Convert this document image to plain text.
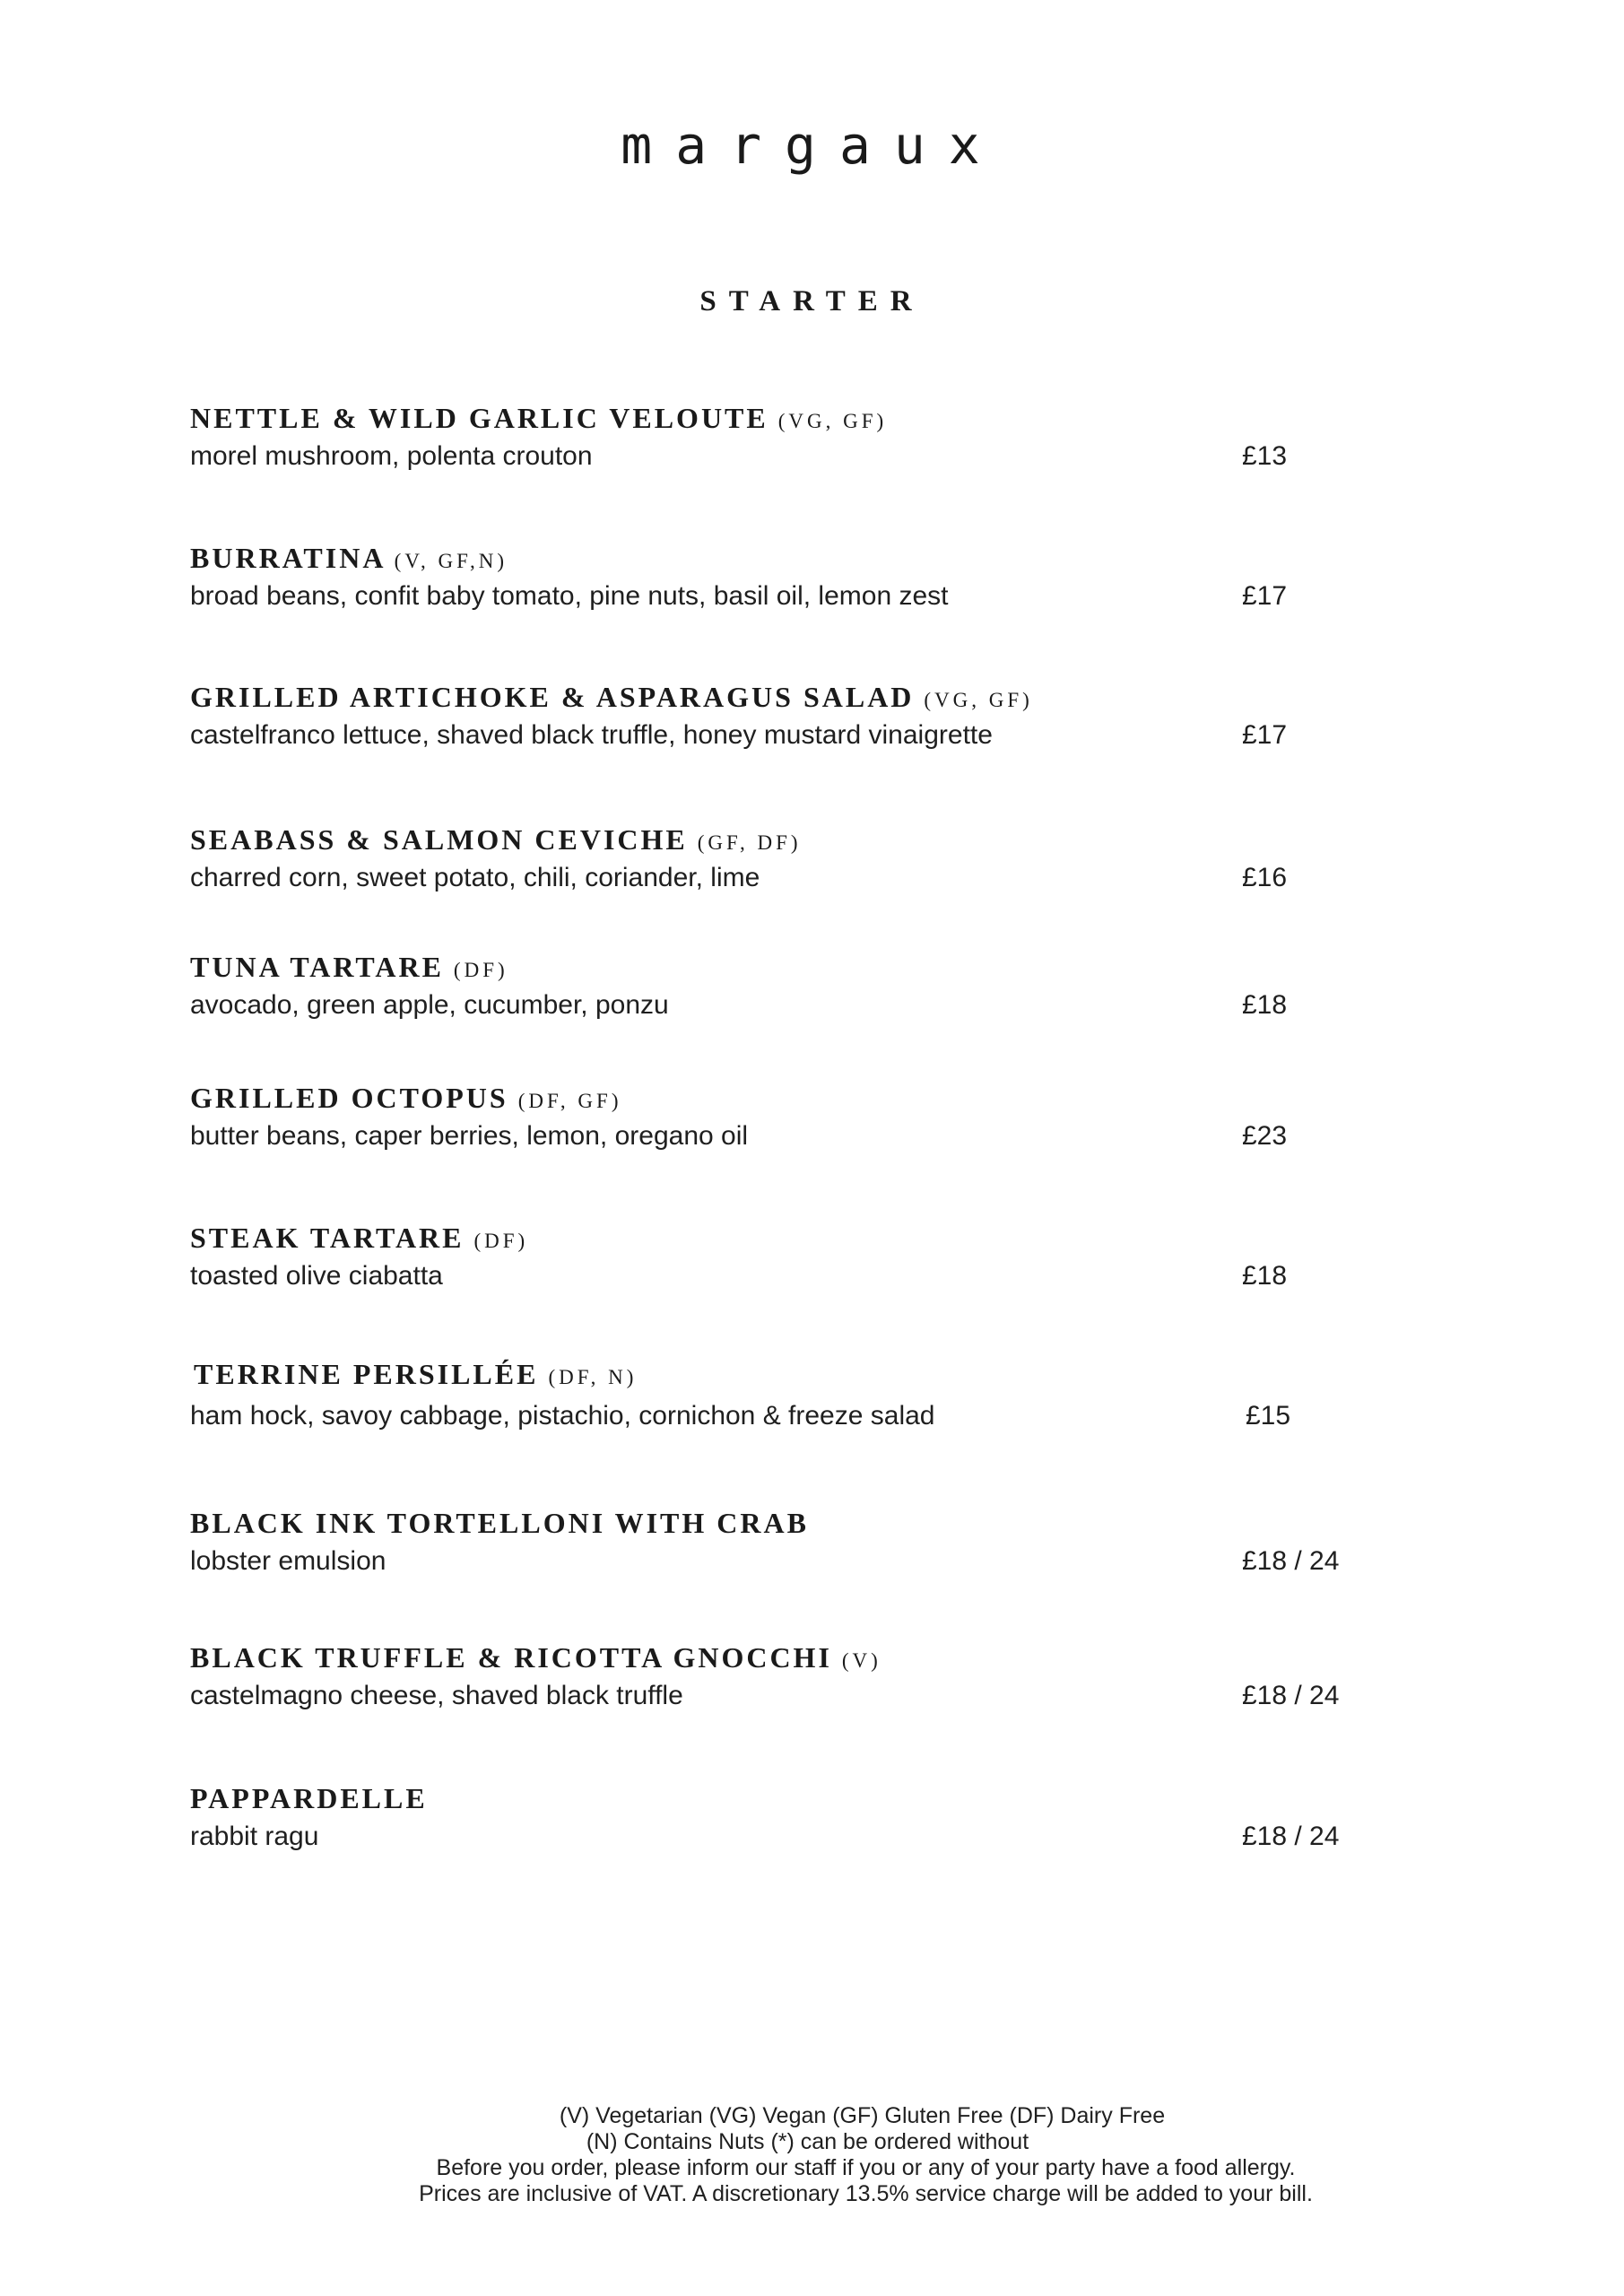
margaux
STARTER
NETTLE & WILD GARLIC VELOUTE (VG, GF)
morel mushroom, polenta crouton	£13
BURRATINA (V, GF,N)
broad beans, confit baby tomato, pine nuts, basil oil, lemon zest	£17
GRILLED ARTICHOKE & ASPARAGUS SALAD (VG, GF)
castelfranco lettuce, shaved black truffle, honey mustard vinaigrette	£17
SEABASS & SALMON CEVICHE (GF, DF)
charred corn, sweet potato, chili, coriander, lime	£16
TUNA TARTARE (DF)
avocado, green apple, cucumber, ponzu	£18
GRILLED OCTOPUS (DF, GF)
butter beans, caper berries, lemon, oregano oil	£23
STEAK TARTARE (DF)
toasted olive ciabatta	£18
TERRINE PERSILLÉE (DF, N)
ham hock, savoy cabbage, pistachio, cornichon & freeze salad	£15
BLACK INK TORTELLONI WITH CRAB
lobster emulsion	£18 / 24
BLACK TRUFFLE & RICOTTA GNOCCHI (V)
castelmagno cheese, shaved black truffle	£18 / 24
PAPPARDELLE
rabbit ragu	£18 / 24
(V) Vegetarian (VG) Vegan (GF) Gluten Free (DF) Dairy Free
(N) Contains Nuts (*) can be ordered without
Before you order, please inform our staff if you or any of your party have a food allergy.
Prices are inclusive of VAT. A discretionary 13.5% service charge will be added to your bill.
